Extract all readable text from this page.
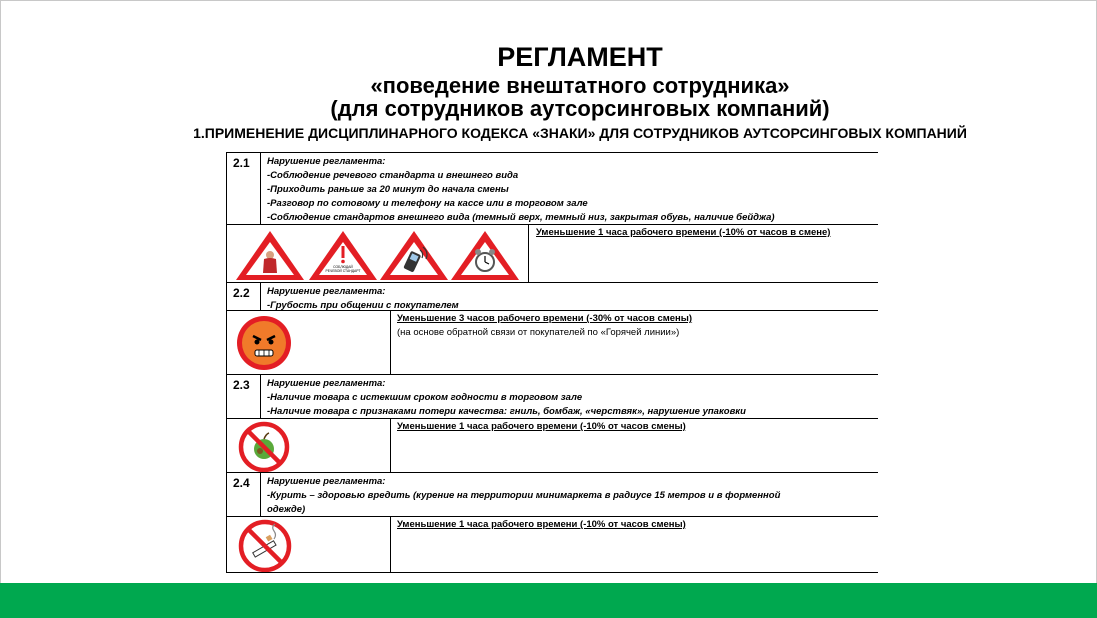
РЕГЛАМЕНТ
«поведение внештатного сотрудника»
(для сотрудников аутсорсинговых компаний)
1.ПРИМЕНЕНИЕ ДИСЦИПЛИНАРНОГО КОДЕКСА «ЗНАКИ» ДЛЯ СОТРУДНИКОВ АУТСОРСИНГОВЫХ КОМПАНИЙ
2.1 Нарушение регламента:
-Соблюдение речевого стандарта и внешнего вида
-Приходить раньше за 20 минут до начала смены
-Разговор по сотовому и телефону на кассе или в торговом зале
-Соблюдение стандартов внешнего вида (темный верх, темный низ, закрытая обувь, наличие бейджа)
СОБЛЮДАЙ
РЕЧЕВОЙ СТАНДАРТ
Уменьшение 1 часа рабочего времени (-10% от часов в смене)
2.2 Нарушение регламента:
-Грубость при общении с покупателем
Уменьшение 3 часов рабочего времени (-30% от часов смены)
(на основе обратной связи от покупателей по «Горячей линии»)
2.3 Нарушение регламента:
-Наличие товара с истекшим сроком годности в торговом зале
-Наличие товара с признаками потери качества: гниль, бомбаж, «черствяк», нарушение упаковки
Уменьшение 1 часа рабочего времени (-10% от часов смены)
2.4 Нарушение регламента:
-Курить – здоровью вредить (курение на территории минимаркета в радиусе 15 метров и в форменной
одежде)
Уменьшение 1 часа рабочего времени (-10% от часов смены)
